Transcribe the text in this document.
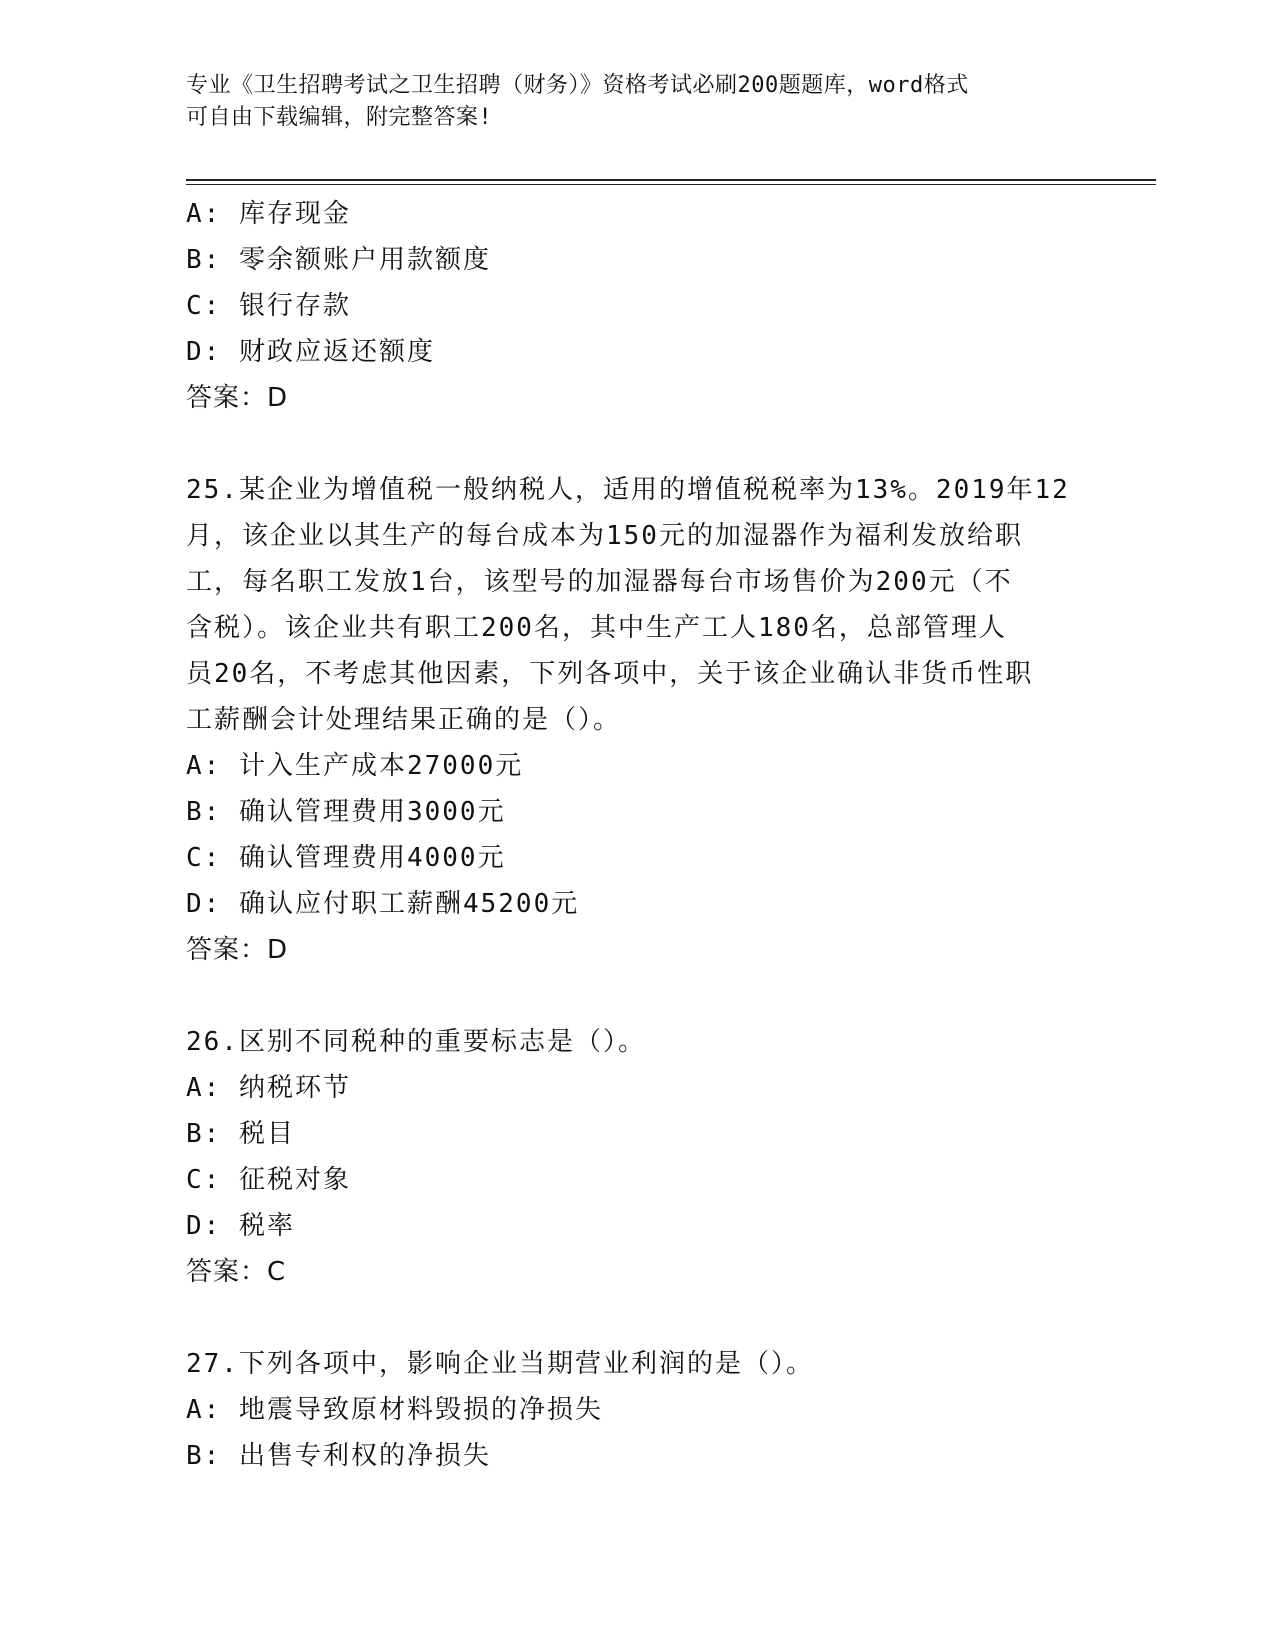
专业《卫生招聘考试之卫生招聘（财务）》资格考试必刷200题题库，word格式
可自由下载编辑，附完整答案!
A: 库存现金
B: 零余额账户用款额度
C: 银行存款
D: 财政应返还额度
答案：D
25.某企业为增值税一般纳税人，适用的增值税税率为13%。2019年12
月，该企业以其生产的每台成本为150元的加湿器作为福利发放给职
工，每名职工发放1台，该型号的加湿器每台市场售价为200元（不
含税）。该企业共有职工200名，其中生产工人180名，总部管理人
员20名，不考虑其他因素，下列各项中，关于该企业确认非货币性职
工薪酬会计处理结果正确的是（）。
A: 计入生产成本27000元
B: 确认管理费用3000元
C: 确认管理费用4000元
D: 确认应付职工薪酬45200元
答案：D
26.区别不同税种的重要标志是（）。
A: 纳税环节
B: 税目
C: 征税对象
D: 税率
答案：C
27.下列各项中，影响企业当期营业利润的是（）。
A: 地震导致原材料毁损的净损失
B: 出售专利权的净损失
